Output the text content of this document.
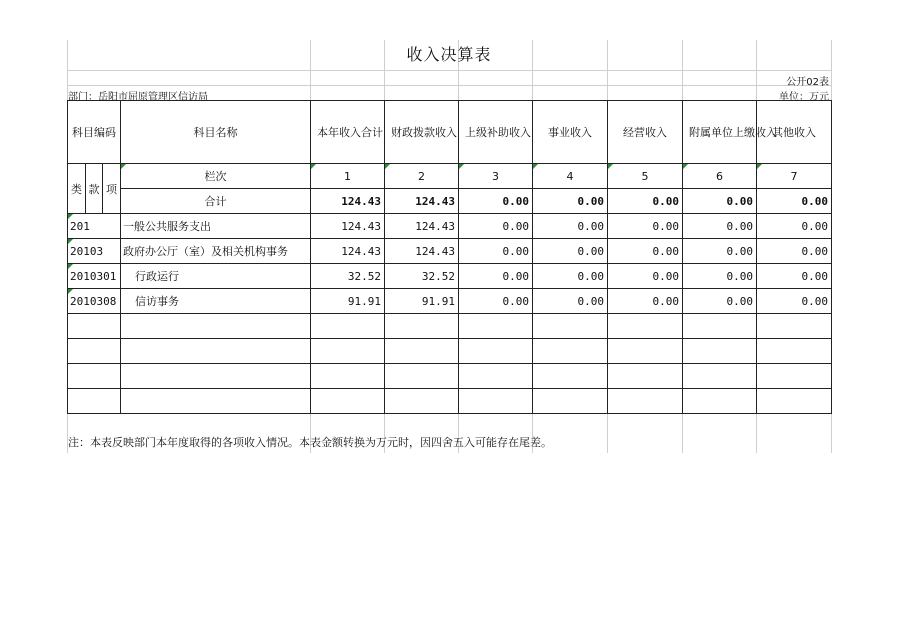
收入决算表
公开02表
部门：岳阳市屈原管理区信访局	单位：万元
科目编码			科目名称	本年收入合计	财政拨款收入	上级补助收入	事业收入	经营收入	附属单位上缴收入	其他收入
类	款	项	栏次	1	2	3	4	5	6	7
			合计	124.43	124.43	0.00	0.00	0.00	0.00	0.00

201			一般公共服务支出	124.43	124.43	0.00	0.00	0.00	0.00	0.00

20103			政府办公厅（室）及相关机构事务	124.43	124.43	0.00	0.00	0.00	0.00	0.00

2010301			行政运行	32.52	32.52	0.00	0.00	0.00	0.00	0.00

2010308			信访事务	91.91	91.91	0.00	0.00	0.00	0.00	0.00

注：本表反映部门本年度取得的各项收入情况。本表金额转换为万元时，因四舍五入可能存在尾差。
